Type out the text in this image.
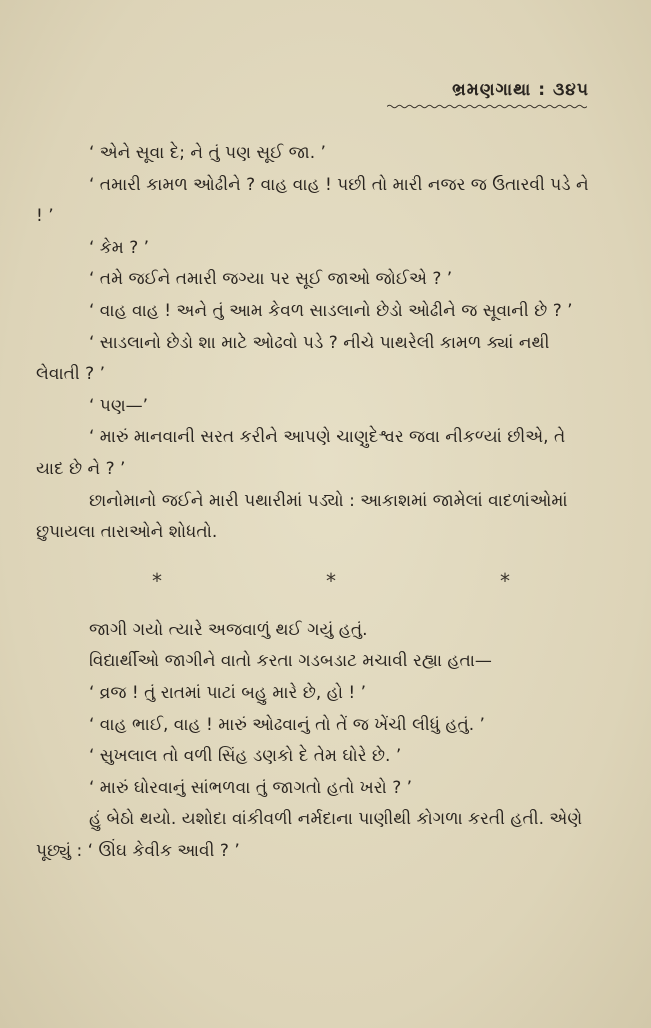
ભ્રમણગાથા : ૩૪૫

‘ એને સૂવા દે; ને તું પણ સૂઈ જા. ’

‘ તમારી કામળ ઓઢીને ? વાહ વાહ ! પછી તો મારી નજર જ ઉતારવી પડે ને ! ’

‘ કેમ ? ’

‘ તમે જઈને તમારી જગ્યા પર સૂઈ જાઓ જોઈએ ? ’

‘ વાહ વાહ ! અને તું આમ કેવળ સાડલાનો છેડો ઓઢીને જ સૂવાની છે ? ’

‘ સાડલાનો છેડો શા માટે ઓઢવો પડે ? નીચે પાથરેલી કામળ ક્યાં નથી લેવાતી ? ’

‘ પણ—’

‘ મારું માનવાની સરત કરીને આપણે ચાણુદેશ્વર જવા નીકળ્યાં છીએ, તે યાદ છે ને ? ’

છાનોમાનો જઈને મારી પથારીમાં પડ્યો : આકાશમાં જામેલાં વાદળાંઓમાં છુપાયલા તારાઓને શોધતો.

*	*	*

જાગી ગયો ત્યારે અજવાળું થઈ ગયું હતું.

વિદ્યાર્થીઓ જાગીને વાતો કરતા ગડબડાટ મચાવી રહ્યા હતા—

‘ વ્રજ ! તું રાતમાં પાટાં બહુ મારે છે, હો ! ’

‘ વાહ ભાઈ, વાહ ! મારું ઓઢવાનું તો તેં જ ખેંચી લીધું હતું. ’

‘ સુખલાલ તો વળી સિંહ ડણકો દે તેમ ઘોરે છે. ’

‘ મારું ઘોરવાનું સાંભળવા તું જાગતો હતો ખરો ? ’

હું બેઠો થયો. યશોદા વાંકીવળી નર્મદાના પાણીથી કોગળા કરતી હતી. એણે પૂછ્યું : ‘ ઊંઘ કેવીક આવી ? ’
